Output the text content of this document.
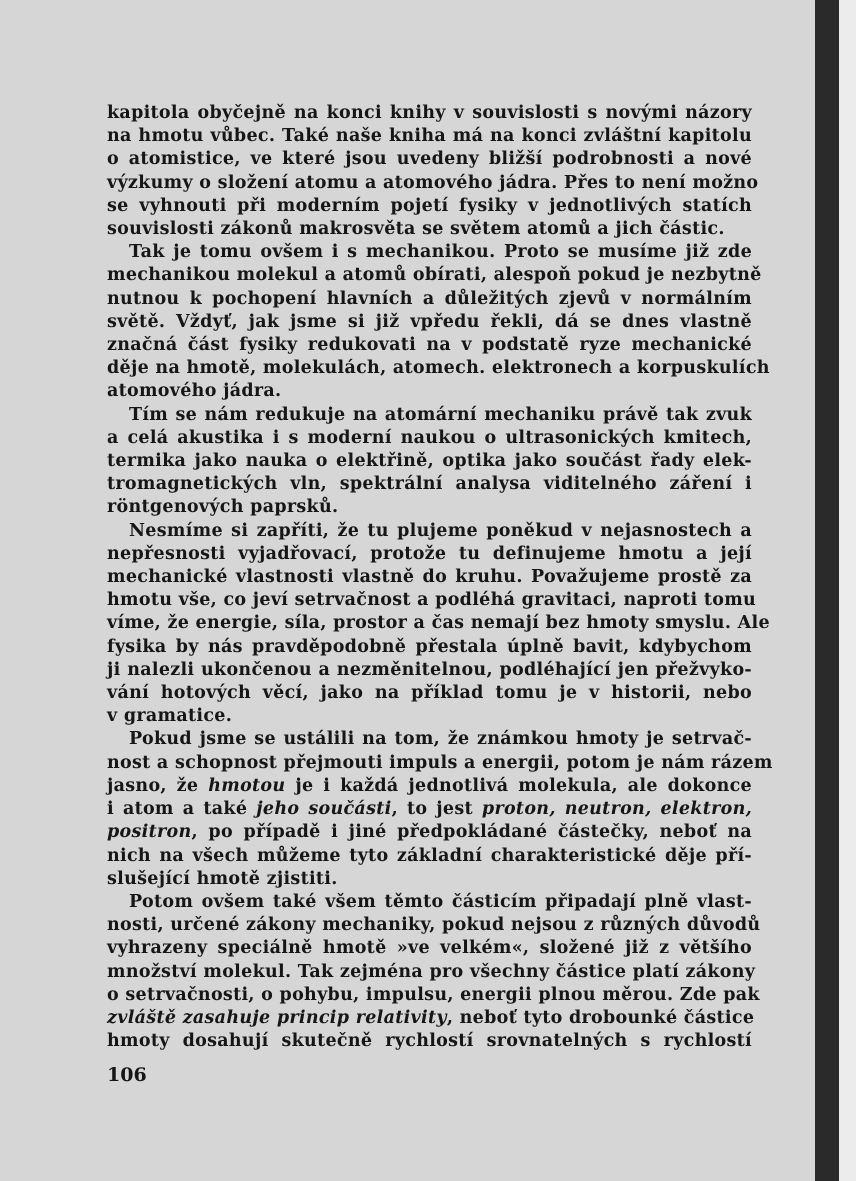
kapitola obyčejně na konci knihy v souvislosti s novými názory
na hmotu vůbec. Také naše kniha má na konci zvláštní kapitolu
o atomistice, ve které jsou uvedeny bližší podrobnosti a nové
výzkumy o složení atomu a atomového jádra. Přes to není možno
se vyhnouti při moderním pojetí fysiky v jednotlivých statích
souvislosti zákonů makrosvěta se světem atomů a jich částic.

Tak je tomu ovšem i s mechanikou. Proto se musíme již zde
mechanikou molekul a atomů obírati, alespoň pokud je nezbytně
nutnou k pochopení hlavních a důležitých zjevů v normálním
světě. Vždyť, jak jsme si již vpředu řekli, dá se dnes vlastně
značná část fysiky redukovati na v podstatě ryze mechanické
děje na hmotě, molekulách, atomech. elektronech a korpuskulích
atomového jádra.

Tím se nám redukuje na atomární mechaniku právě tak zvuk
a celá akustika i s moderní naukou o ultrasonických kmitech,
termika jako nauka o elektřině, optika jako součást řady elek-
tromagnetických vln, spektrální analysa viditelného záření i
röntgenových paprsků.

Nesmíme si zapříti, že tu plujeme poněkud v nejasnostech a
nepřesnosti vyjadřovací, protože tu definujeme hmotu a její
mechanické vlastnosti vlastně do kruhu. Považujeme prostě za
hmotu vše, co jeví setrvačnost a podléhá gravitaci, naproti tomu
víme, že energie, síla, prostor a čas nemají bez hmoty smyslu. Ale
fysika by nás pravděpodobně přestala úplně bavit, kdybychom
ji nalezli ukončenou a nezměnitelnou, podléhající jen přežvyko-
vání hotových věcí, jako na příklad tomu je v historii, nebo
v gramatice.

Pokud jsme se ustálili na tom, že známkou hmoty je setrvač-
nost a schopnost přejmouti impuls a energii, potom je nám rázem
jasno, že hmotou je i každá jednotlivá molekula, ale dokonce
i atom a také jeho součásti, to jest proton, neutron, elektron,
positron, po případě i jiné předpokládané částečky, neboť na
nich na všech můžeme tyto základní charakteristické děje pří-
slušející hmotě zjistiti.

Potom ovšem také všem těmto částicím připadají plně vlast-
nosti, určené zákony mechaniky, pokud nejsou z různých důvodů
vyhrazeny speciálně hmotě »ve velkém«, složené již z většího
množství molekul. Tak zejména pro všechny částice platí zákony
o setrvačnosti, o pohybu, impulsu, energii plnou měrou. Zde pak
zvláště zasahuje princip relativity, neboť tyto drobounké částice
hmoty dosahují skutečně rychlostí srovnatelných s rychlostí

106
